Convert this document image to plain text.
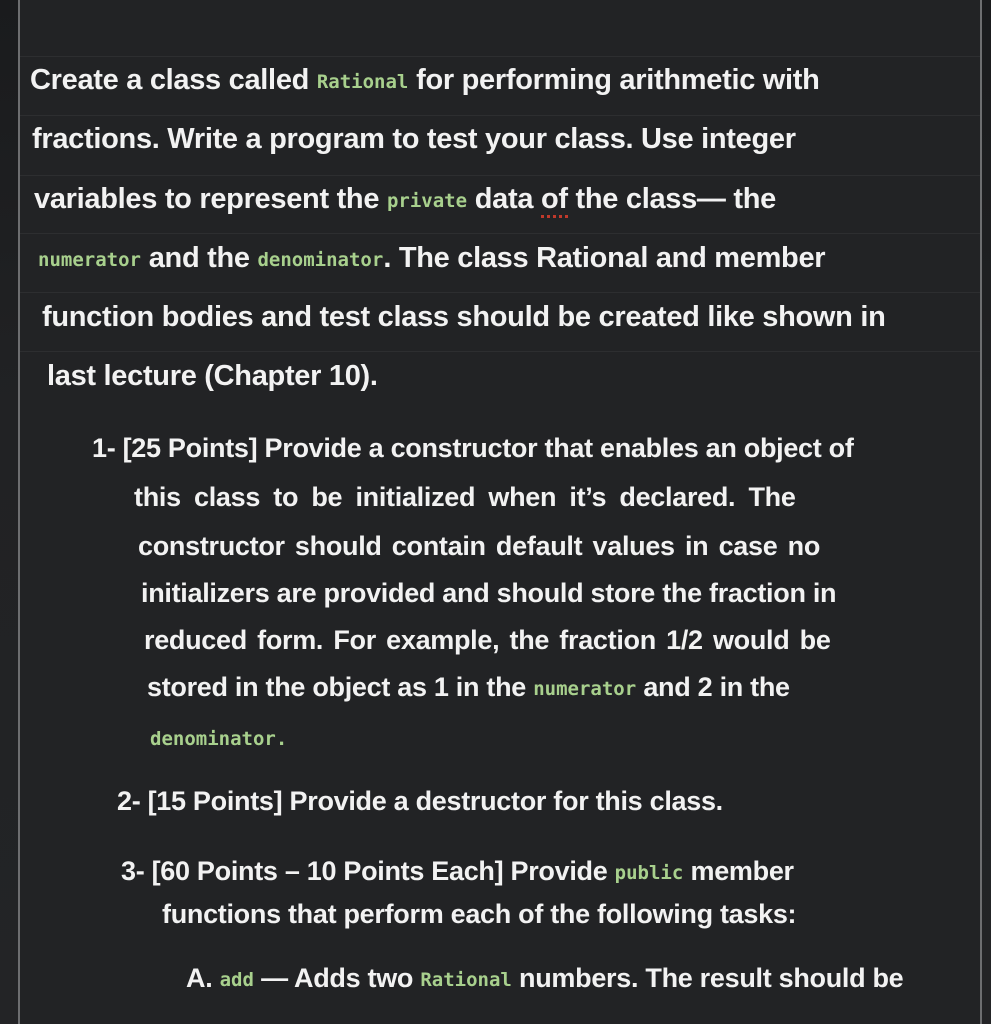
Create a class called Rational for performing arithmetic with
fractions. Write a program to test your class. Use integer
variables to represent the private data of the class— the
numerator and the denominator. The class Rational and member
function bodies and test class should be created like shown in
last lecture (Chapter 10).
1- [25 Points] Provide a constructor that enables an object of
this class to be initialized when it’s declared. The
constructor should contain default values in case no
initializers are provided and should store the fraction in
reduced form. For example, the fraction 1/2 would be
stored in the object as 1 in the numerator and 2 in the
denominator.
2- [15 Points] Provide a destructor for this class.
3- [60 Points – 10 Points Each] Provide public member
functions that perform each of the following tasks:
A. add — Adds two Rational numbers. The result should be
